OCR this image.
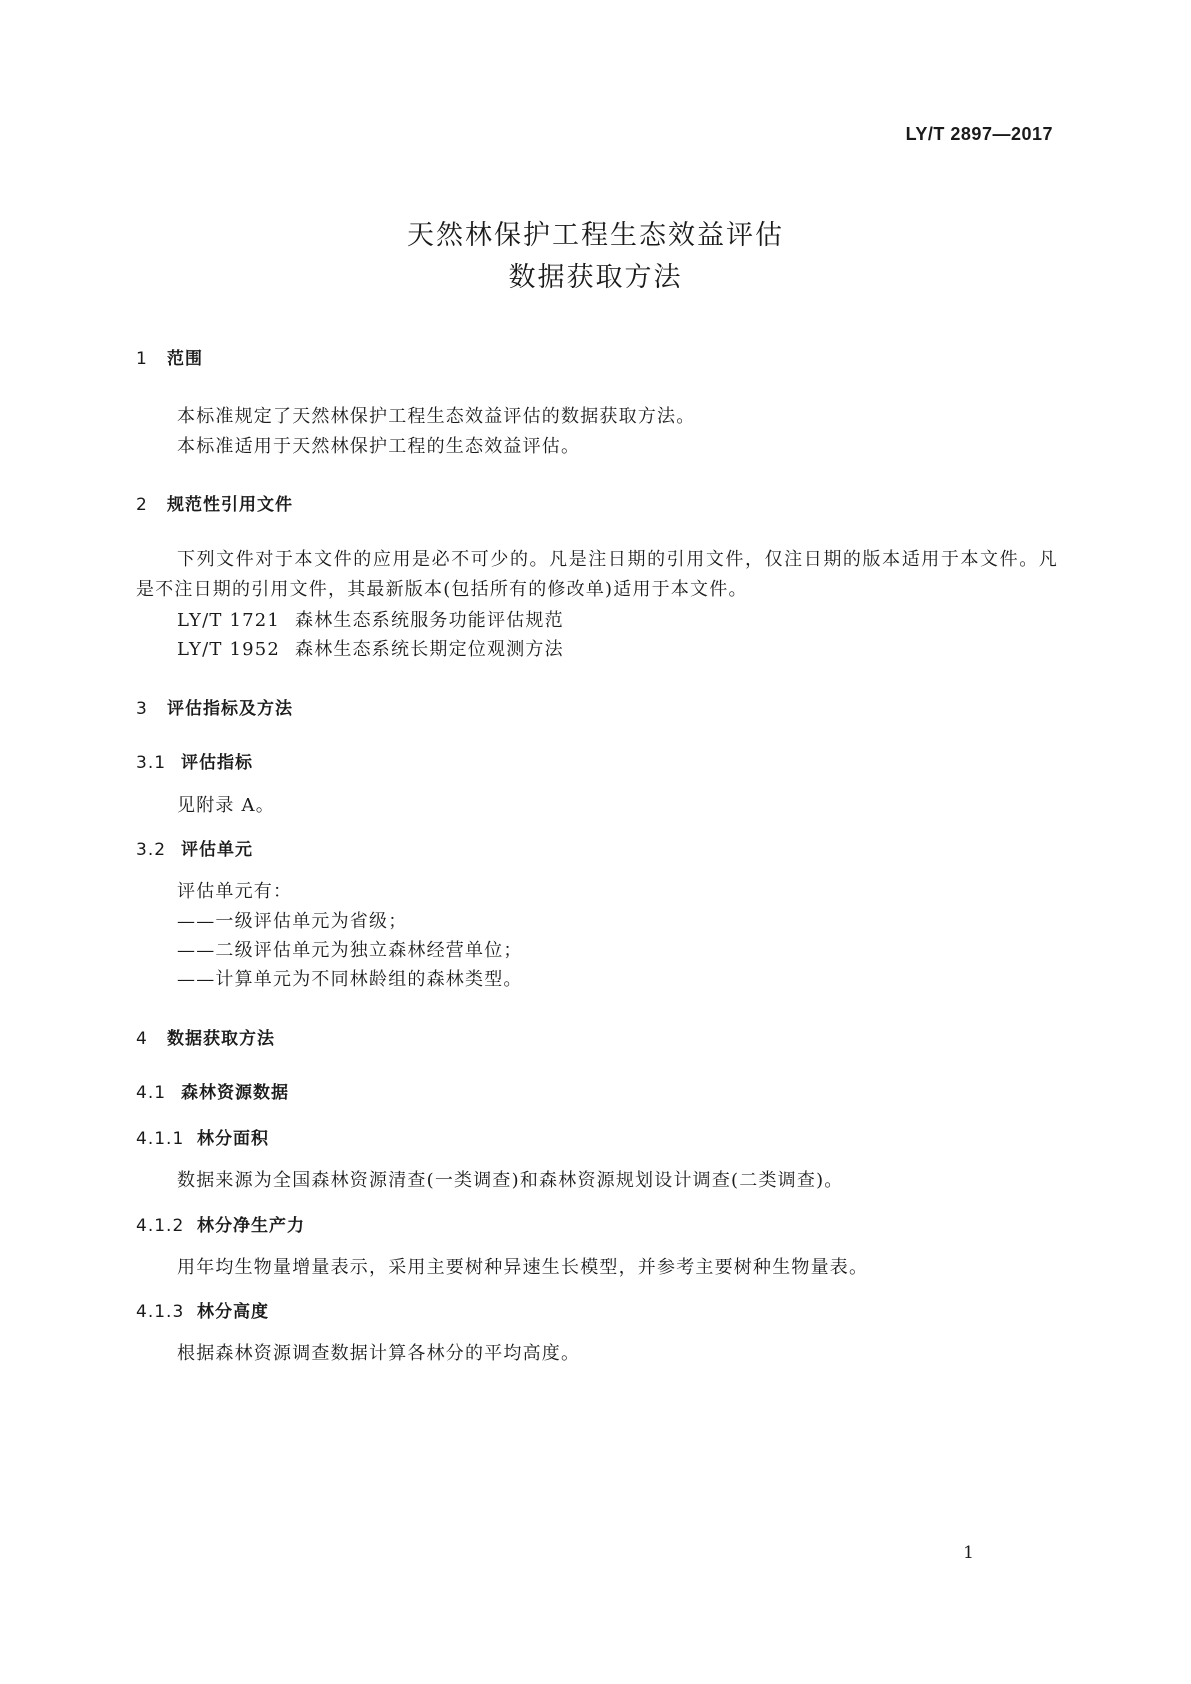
LY/T 2897—2017
天然林保护工程生态效益评估
数据获取方法
1 范围
本标准规定了天然林保护工程生态效益评估的数据获取方法。
本标准适用于天然林保护工程的生态效益评估。
2 规范性引用文件
下列文件对于本文件的应用是必不可少的。凡是注日期的引用文件，仅注日期的版本适用于本文件。凡是不注日期的引用文件，其最新版本(包括所有的修改单)适用于本文件。
LY/T 1721 森林生态系统服务功能评估规范
LY/T 1952 森林生态系统长期定位观测方法
3 评估指标及方法
3.1 评估指标
见附录 A。
3.2 评估单元
评估单元有：
——一级评估单元为省级；
——二级评估单元为独立森林经营单位；
——计算单元为不同林龄组的森林类型。
4 数据获取方法
4.1 森林资源数据
4.1.1 林分面积
数据来源为全国森林资源清查(一类调查)和森林资源规划设计调查(二类调查)。
4.1.2 林分净生产力
用年均生物量增量表示，采用主要树种异速生长模型，并参考主要树种生物量表。
4.1.3 林分高度
根据森林资源调查数据计算各林分的平均高度。
1
